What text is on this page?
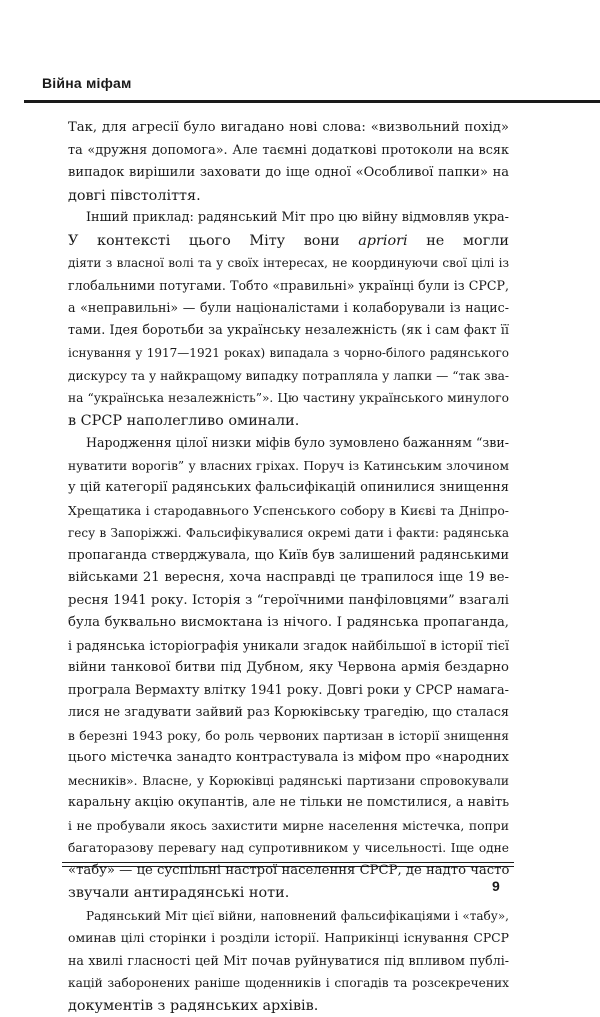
Війна міфам
Так, для агресії було вигадано нові слова: «визвольний похід»
та «дружня допомога». Але таємні додаткові протоколи на всяк
випадок вирішили заховати до іще одної «Особливої папки» на
довгі півстоліття.
Інший приклад: радянський Міт про цю війну відмовляв укра-
У контексті цього Міту вони apriori не могли
діяти з власної волі та у своїх інтересах, не координуючи свої цілі із
глобальними потугами. Тобто «правильні» українці були із СРСР,
а «неправильні» — були націоналістами і колаборували із нацис-
тами. Ідея боротьби за українську незалежність (як і сам факт її
існування у 1917—1921 роках) випадала з чорно-білого радянського
дискурсу та у найкращому випадку потрапляла у лапки — “так зва-
на “українська незалежність”». Цю частину українського минулого
в СРСР наполегливо оминали.
Народження цілої низки міфів було зумовлено бажанням “зви-
нуватити ворогів” у власних гріхах. Поруч із Катинським злочином
у цій категорії радянських фальсифікацій опинилися знищення
Хрещатика і стародавнього Успенського собору в Києві та Дніпро-
гесу в Запоріжжі. Фальсифікувалися окремі дати і факти: радянська
пропаганда стверджувала, що Київ був залишений радянськими
військами 21 вересня, хоча насправді це трапилося іще 19 ве-
ресня 1941 року. Історія з “героїчними панфіловцями” взагалі
була буквально висмоктана із нічого. І радянська пропаганда,
і радянська історіографія уникали згадок найбільшої в історії тієї
війни танкової битви під Дубном, яку Червона армія бездарно
програла Вермахту влітку 1941 року. Довгі роки у СРСР намага-
лися не згадувати зайвий раз Корюківську трагедію, що сталася
в березні 1943 року, бо роль червоних партизан в історії знищення
цього містечка занадто контрастувала із міфом про «народних
месників». Власне, у Корюківці радянські партизани спровокували
каральну акцію окупантів, але не тільки не помстилися, а навіть
і не пробували якось захистити мирне населення містечка, попри
багаторазову перевагу над супротивником у чисельності. Іще одне
«табу» — це суспільні настрої населення СРСР, де надто часто
звучали антирадянські ноти.
Радянський Міт цієї війни, наповнений фальсифікаціями і «табу»,
оминав цілі сторінки і розділи історії. Наприкінці існування СРСР
на хвилі гласності цей Міт почав руйнуватися під впливом публі-
кацій заборонених раніше щоденників і спогадів та розсекречених
документів з радянських архівів.
9
